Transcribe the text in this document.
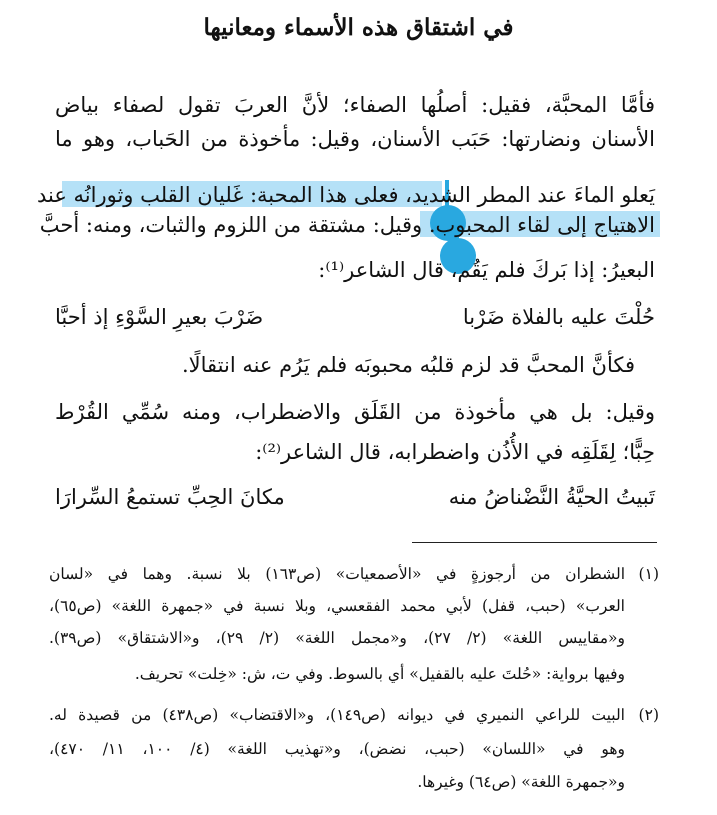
في اشتقاق هذه الأسماء ومعانيها
فأمَّا المحبَّة، فقيل: أصلُها الصفاء؛ لأنَّ العربَ تقول لصفاء بياض
الأسنان ونضارتها: حَبَب الأسنان، وقيل: مأخوذة من الحَباب، وهو ما
يَعلو الماءَ عند المطر الشديد، فعلى هذا المحبة: غَليان القلب وثورانُه عند
الاهتياج إلى لقاء المحبوب. وقيل: مشتقة من اللزوم والثبات، ومنه: أحبَّ
البعيرُ: إذا بَركَ فلم يَقُم، قال الشاعر⁽¹⁾:
حُلْتَ عليه بالفلاة ضَرْبا
ضَرْبَ بعيرِ السَّوْءِ إذ أحبَّا
فكأنَّ المحبَّ قد لزم قلبُه محبوبَه فلم يَرُم عنه انتقالًا.
وقيل: بل هي مأخوذة من القَلَق والاضطراب، ومنه سُمِّي القُرْط
حِبًّا؛ لِقَلَقِه في الأُذُن واضطرابه، قال الشاعر⁽²⁾:
تَبيتُ الحيَّةُ النَّضْناضُ منه
مكانَ الحِبِّ تستمعُ السِّرارَا
(١)
الشطران من أرجوزةٍ في «الأصمعيات» (ص١٦٣) بلا نسبة. وهما في «لسان
العرب» (حبب، قفل) لأبي محمد الفقعسي، وبلا نسبة في «جمهرة اللغة» (ص٦٥)،
و«مقاييس اللغة» (٢/ ٢٧)، و«مجمل اللغة» (٢/ ٢٩)، و«الاشتقاق» (ص٣٩).
وفيها برواية: «حُلتَ عليه بالقفيل» أي بالسوط. وفي ت، ش: «خِلت» تحريف.
(٢)
البيت للراعي النميري في ديوانه (ص١٤٩)، و«الاقتضاب» (ص٤٣٨) من قصيدة له.
وهو في «اللسان» (حبب، نضض)، و«تهذيب اللغة» (٤/ ١٠٠، ١١/ ٤٧٠)،
و«جمهرة اللغة» (ص٦٤) وغيرها.
